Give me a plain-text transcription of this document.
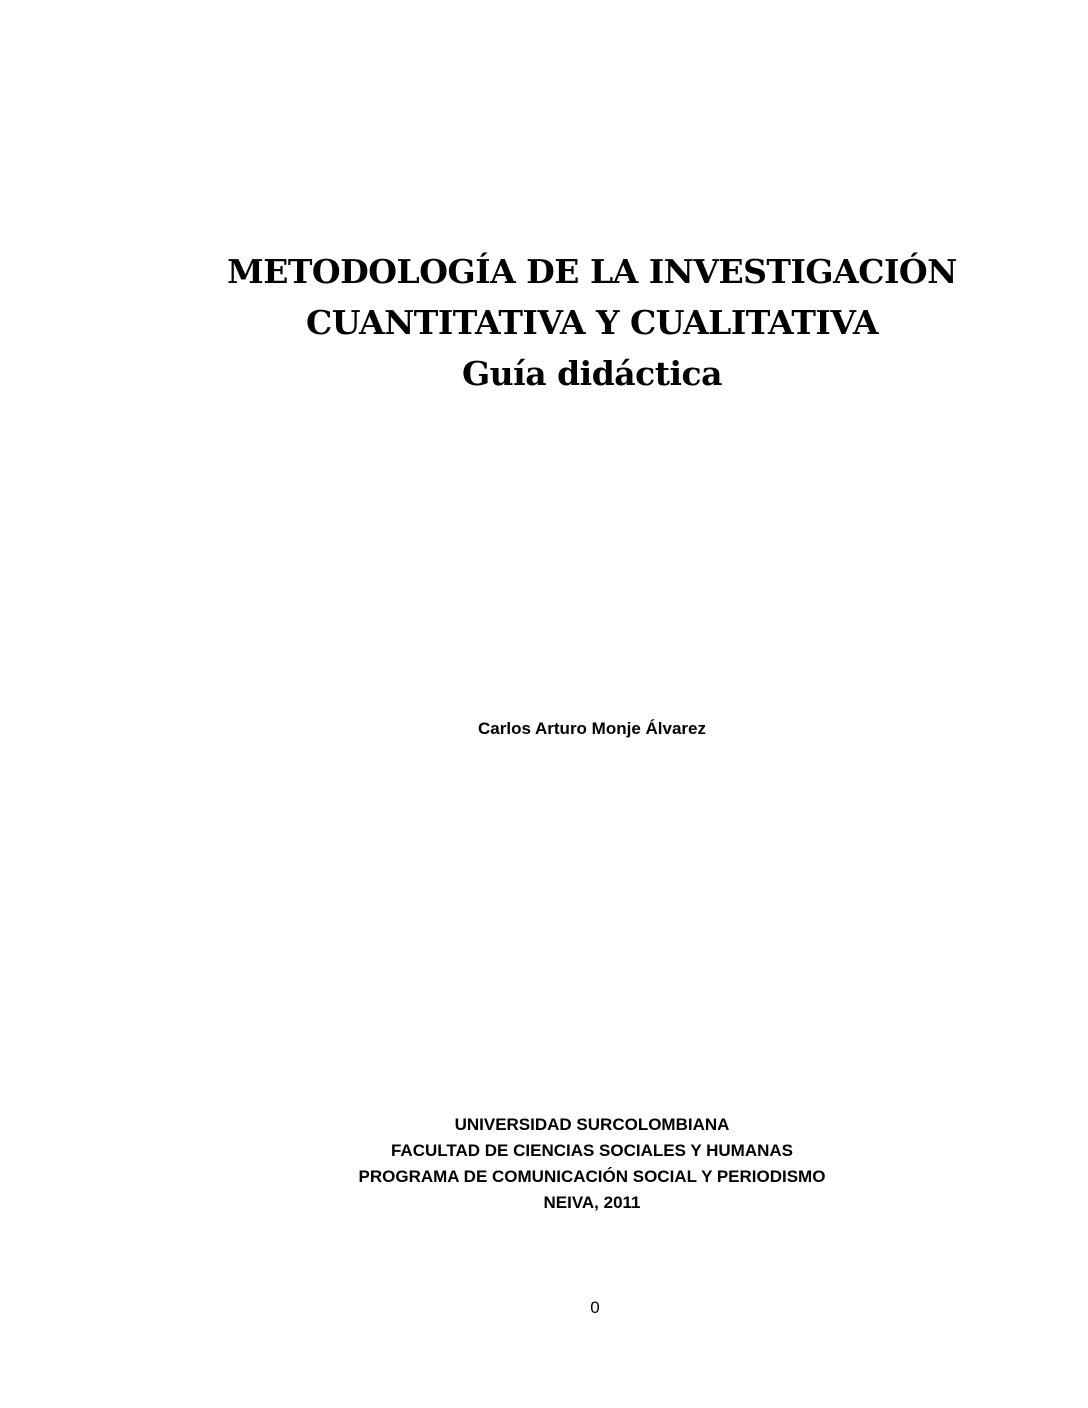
METODOLOGÍA DE LA INVESTIGACIÓN
CUANTITATIVA Y CUALITATIVA
Guía didáctica
Carlos Arturo Monje Álvarez
UNIVERSIDAD SURCOLOMBIANA
FACULTAD DE CIENCIAS SOCIALES Y HUMANAS
PROGRAMA DE COMUNICACIÓN SOCIAL Y PERIODISMO
NEIVA, 2011
0
